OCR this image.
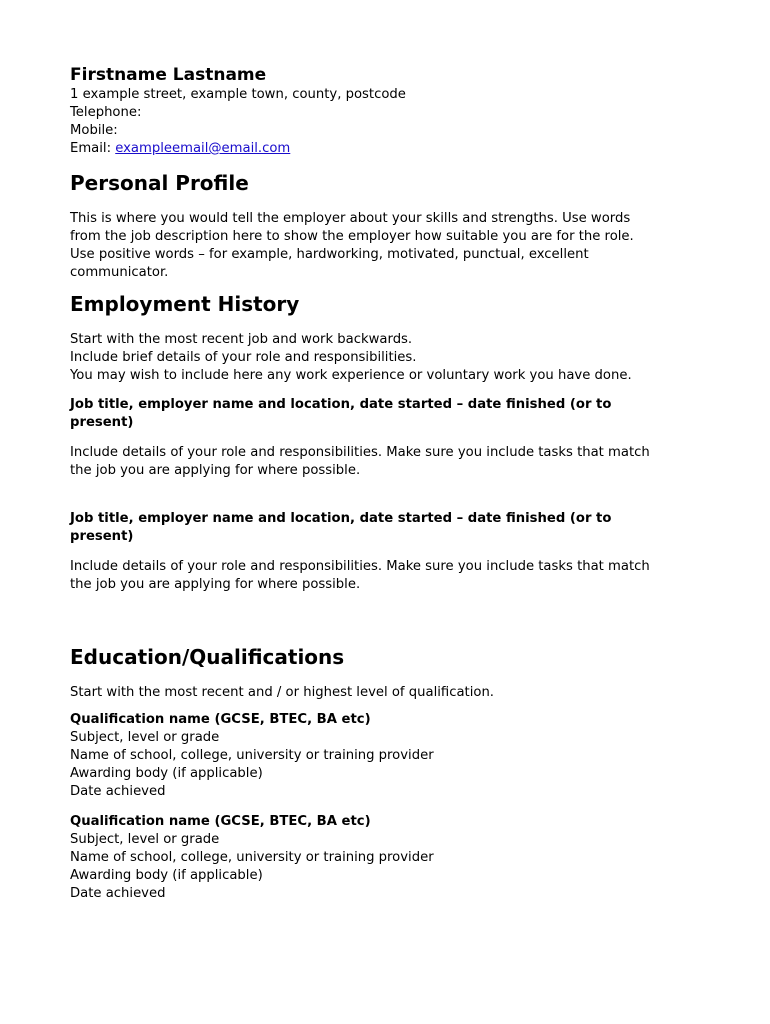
Firstname Lastname
1 example street, example town, county, postcode
Telephone:
Mobile:
Email: exampleemail@email.com
Personal Profile
This is where you would tell the employer about your skills and strengths. Use words
from the job description here to show the employer how suitable you are for the role.
Use positive words – for example, hardworking, motivated, punctual, excellent
communicator.
Employment History
Start with the most recent job and work backwards.
Include brief details of your role and responsibilities.
You may wish to include here any work experience or voluntary work you have done.
Job title, employer name and location, date started – date finished (or to
present)
Include details of your role and responsibilities. Make sure you include tasks that match
the job you are applying for where possible.
Job title, employer name and location, date started – date finished (or to
present)
Include details of your role and responsibilities. Make sure you include tasks that match
the job you are applying for where possible.
Education/Qualifications
Start with the most recent and / or highest level of qualification.
Qualification name (GCSE, BTEC, BA etc)
Subject, level or grade
Name of school, college, university or training provider
Awarding body (if applicable)
Date achieved
Qualification name (GCSE, BTEC, BA etc)
Subject, level or grade
Name of school, college, university or training provider
Awarding body (if applicable)
Date achieved
